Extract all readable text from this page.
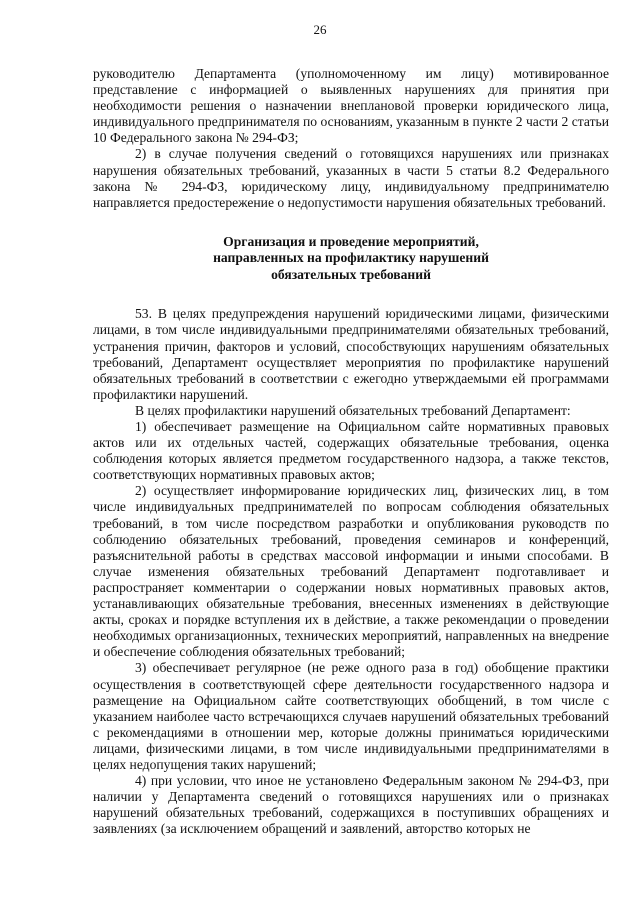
26

руководителю Департамента (уполномоченному им лицу) мотивированное представление с информацией о выявленных нарушениях для принятия при необходимости решения о назначении внеплановой проверки юридического лица, индивидуального предпринимателя по основаниям, указанным в пункте 2 части 2 статьи 10 Федерального закона № 294-ФЗ;

2) в случае получения сведений о готовящихся нарушениях или признаках нарушения обязательных требований, указанных в части 5 статьи 8.2 Федерального закона № 294-ФЗ, юридическому лицу, индивидуальному предпринимателю направляется предостережение о недопустимости нарушения обязательных требований.

Организация и проведение мероприятий,
направленных на профилактику нарушений
обязательных требований

53. В целях предупреждения нарушений юридическими лицами, физическими лицами, в том числе индивидуальными предпринимателями обязательных требований, устранения причин, факторов и условий, способствующих нарушениям обязательных требований, Департамент осуществляет мероприятия по профилактике нарушений обязательных требований в соответствии с ежегодно утверждаемыми ей программами профилактики нарушений.

В целях профилактики нарушений обязательных требований Департамент:

1) обеспечивает размещение на Официальном сайте нормативных правовых актов или их отдельных частей, содержащих обязательные требования, оценка соблюдения которых является предметом государственного надзора, а также текстов, соответствующих нормативных правовых актов;

2) осуществляет информирование юридических лиц, физических лиц, в том числе индивидуальных предпринимателей по вопросам соблюдения обязательных требований, в том числе посредством разработки и опубликования руководств по соблюдению обязательных требований, проведения семинаров и конференций, разъяснительной работы в средствах массовой информации и иными способами. В случае изменения обязательных требований Департамент подготавливает и распространяет комментарии о содержании новых нормативных правовых актов, устанавливающих обязательные требования, внесенных изменениях в действующие акты, сроках и порядке вступления их в действие, а также рекомендации о проведении необходимых организационных, технических мероприятий, направленных на внедрение и обеспечение соблюдения обязательных требований;

3) обеспечивает регулярное (не реже одного раза в год) обобщение практики осуществления в соответствующей сфере деятельности государственного надзора и размещение на Официальном сайте соответствующих обобщений, в том числе с указанием наиболее часто встречающихся случаев нарушений обязательных требований с рекомендациями в отношении мер, которые должны приниматься юридическими лицами, физическими лицами, в том числе индивидуальными предпринимателями в целях недопущения таких нарушений;

4) при условии, что иное не установлено Федеральным законом № 294-ФЗ, при наличии у Департамента сведений о готовящихся нарушениях или о признаках нарушений обязательных требований, содержащихся в поступивших обращениях и заявлениях (за исключением обращений и заявлений, авторство которых не
